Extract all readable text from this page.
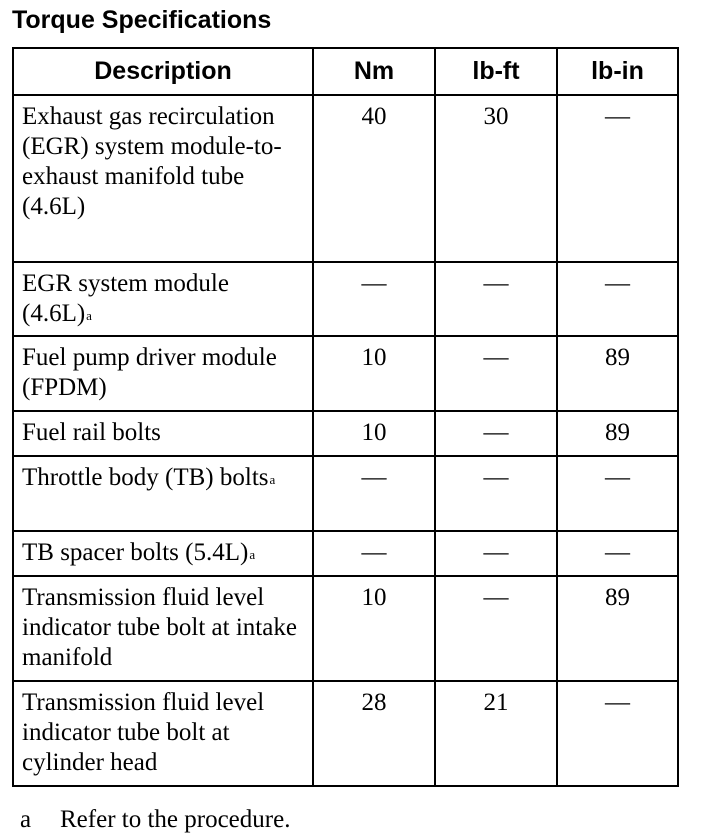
Torque Specifications
Description	Nm	lb-ft	lb-in
Exhaust gas recirculation (EGR) system module-to-exhaust manifold tube (4.6L)	40	30	—
EGR system module (4.6L)$^a$	—	—	—
Fuel pump driver module (FPDM)	10	—	89
Fuel rail bolts	10	—	89
Throttle body (TB) bolts$^a$	—	—	—
TB spacer bolts (5.4L)$^a$	—	—	—
Transmission fluid level indicator tube bolt at intake manifold	10	—	89
Transmission fluid level indicator tube bolt at cylinder head	28	21	—

a Refer to the procedure.
